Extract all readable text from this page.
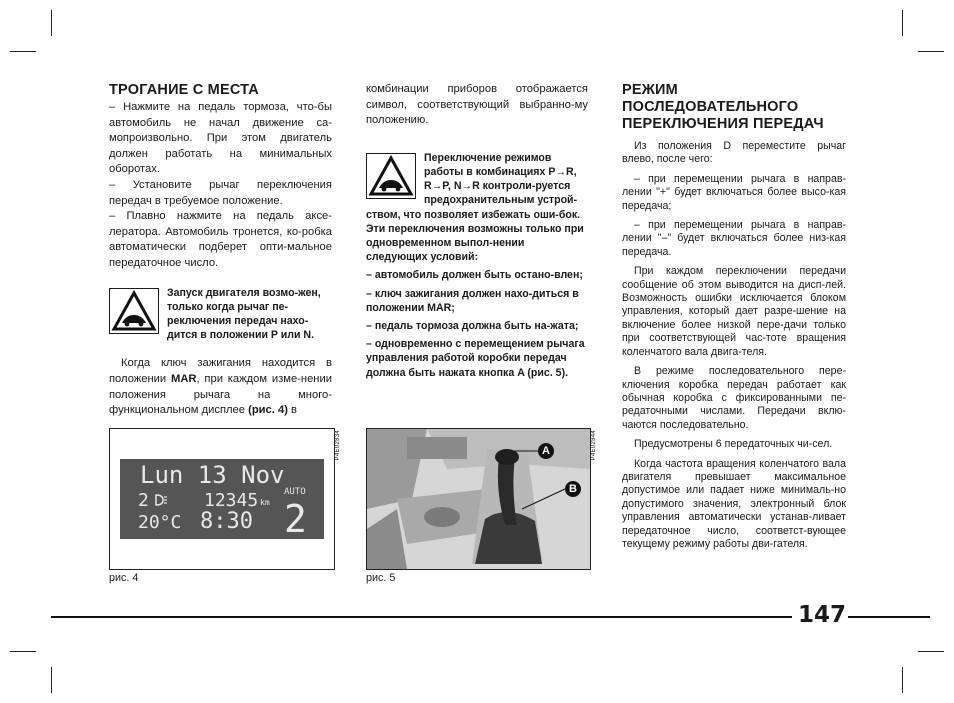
ТРОГАНИЕ С МЕСТА

– Нажмите на педаль тормоза, что-бы автомобиль не начал движение са-мопроизвольно. При этом двигатель должен работать на минимальных оборотах.

– Установите рычаг переключения передач в требуемое положение.

– Плавно нажмите на педаль аксе-лератора. Автомобиль тронется, ко-робка автоматически подберет опти-мальное передаточное число.

Запуск двигателя возмо-жен, только когда рычаг пе-реключения передач нахо-дится в положении P или N.

Когда ключ зажигания находится в положении MAR, при каждом изме-нении положения рычага на много-функциональном дисплее (рис. 4) в

Lun 13 Nov
2	12345 km
AUTO
20°C 8:30 2
P4E02834
рис. 4

комбинации приборов отображается символ, соответствующий выбранно-му положению.

Переключение режимов работы в комбинациях P→R, R→P, N→R контроли-руется предохранительным устрой-ством, что позволяет избежать оши-бок. Эти переключения возможны только при одновременном выпол-нении следующих условий:

– автомобиль должен быть остано-влен;

– ключ зажигания должен нахо-диться в положении MAR;

– педаль тормоза должна быть на-жата;

– одновременно с перемещением рычага управления работой коробки передач должна быть нажата кнопка A (рис. 5).

A
B
P4E02844
рис. 5
РЕЖИМ
ПОСЛЕДОВАТЕЛЬНОГО
ПЕРЕКЛЮЧЕНИЯ ПЕРЕДАЧ

Из положения D переместите рычаг влево, после чего:

– при перемещении рычага в направ-лении "+" будет включаться более высо-кая передача;

– при перемещении рычага в направ-лении "–" будет включаться более низ-кая передача.

При каждом переключении передачи сообщение об этом выводится на дисп-лей. Возможность ошибки исключается блоком управления, который дает разре-шение на включение более низкой пере-дачи только при соответствующей час-тоте вращения коленчатого вала двига-теля.

В режиме последовательного пере-ключения коробка передач работает как обычная коробка с фиксированными пе-редаточными числами. Передачи вклю-чаются последовательно.

Предусмотрены 6 передаточных чи-сел.

Когда частота вращения коленчатого вала двигателя превышает максимальное допустимое или падает ниже минималь-но допустимого значения, электронный блок управления автоматически устанав-ливает передаточное число, соответст-вующее текущему режиму работы дви-гателя.

147
